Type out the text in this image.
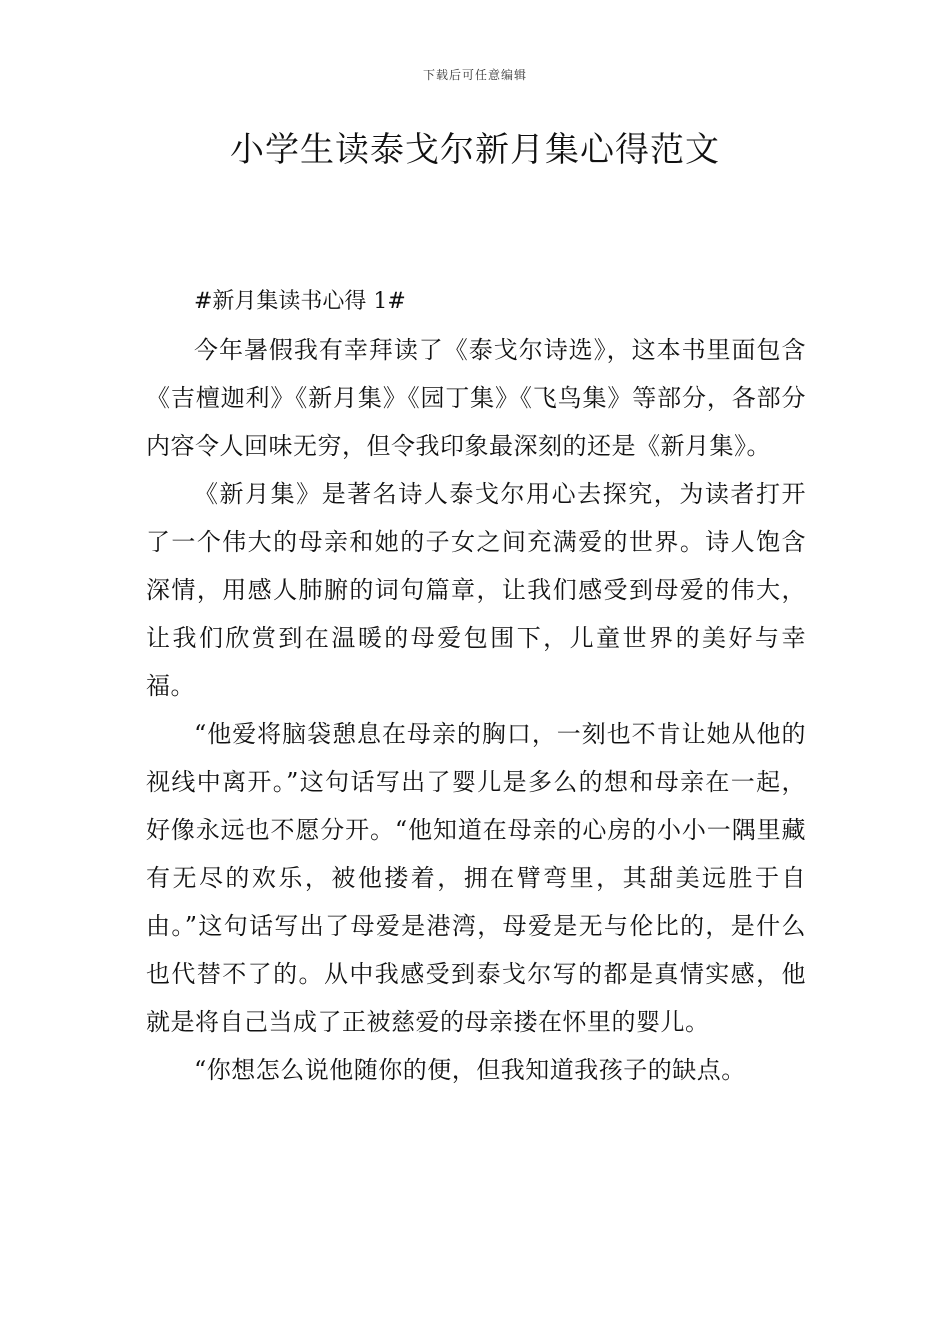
下载后可任意编辑
小学生读泰戈尔新月集心得范文

#新月集读书心得 1#

今年暑假我有幸拜读了《泰戈尔诗选》，这本书里面包含《吉檀迦利》《新月集》《园丁集》《飞鸟集》等部分，各部分内容令人回味无穷，但令我印象最深刻的还是《新月集》。

《新月集》是著名诗人泰戈尔用心去探究，为读者打开了一个伟大的母亲和她的子女之间充满爱的世界。诗人饱含深情，用感人肺腑的词句篇章，让我们感受到母爱的伟大，让我们欣赏到在温暖的母爱包围下，儿童世界的美好与幸福。

“他爱将脑袋憩息在母亲的胸口，一刻也不肯让她从他的视线中离开。”这句话写出了婴儿是多么的想和母亲在一起，好像永远也不愿分开。“他知道在母亲的心房的小小一隅里藏有无尽的欢乐，被他搂着，拥在臂弯里，其甜美远胜于自由。”这句话写出了母爱是港湾，母爱是无与伦比的，是什么也代替不了的。从中我感受到泰戈尔写的都是真情实感，他就是将自己当成了正被慈爱的母亲搂在怀里的婴儿。

“你想怎么说他随你的便，但我知道我孩子的缺点。
